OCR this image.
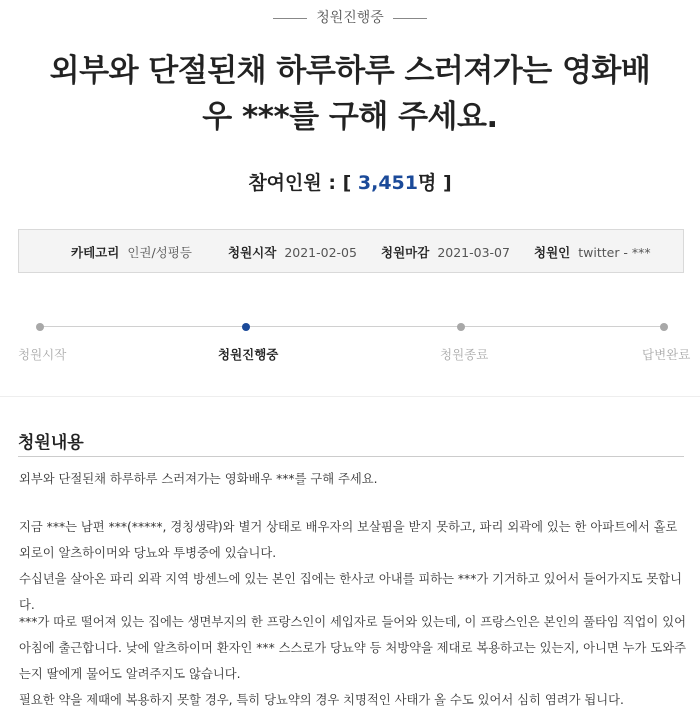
청원진행중
외부와 단절된채 하루하루 스러져가는 영화배
우 ***를 구해 주세요.
참여인원 : [ 3,451명 ]
카테고리 인권/성평등	청원시작 2021-02-05 청원마감 2021-03-07 청원인 twitter - ***
청원시작	청원진행중	청원종료	답변완료
청원내용

외부와 단절된채 하루하루 스러져가는 영화배우 ***를 구해 주세요.

지금 ***는 남편 ***(*****, 경칭생략)와 별거 상태로 배우자의 보살핌을 받지 못하고, 파리 외곽에 있는 한 아파트에서 홀로 외로이 알츠하이머와 당뇨와 투병중에 있습니다.

수십년을 살아온 파리 외곽 지역 방센느에 있는 본인 집에는 한사코 아내를 피하는 ***가 기거하고 있어서 들어가지도 못합니다.

***가 따로 떨어져 있는 집에는 생면부지의 한 프랑스인이 세입자로 들어와 있는데, 이 프랑스인은 본인의 풀타임 직업이 있어 아침에 출근합니다. 낮에 알츠하이머 환자인 *** 스스로가 당뇨약 등 처방약을 제대로 복용하고는 있는지, 아니면 누가 도와주는지 딸에게 물어도 알려주지도 않습니다.

필요한 약을 제때에 복용하지 못할 경우, 특히 당뇨약의 경우 치명적인 사태가 올 수도 있어서 심히 염려가 됩니다.
